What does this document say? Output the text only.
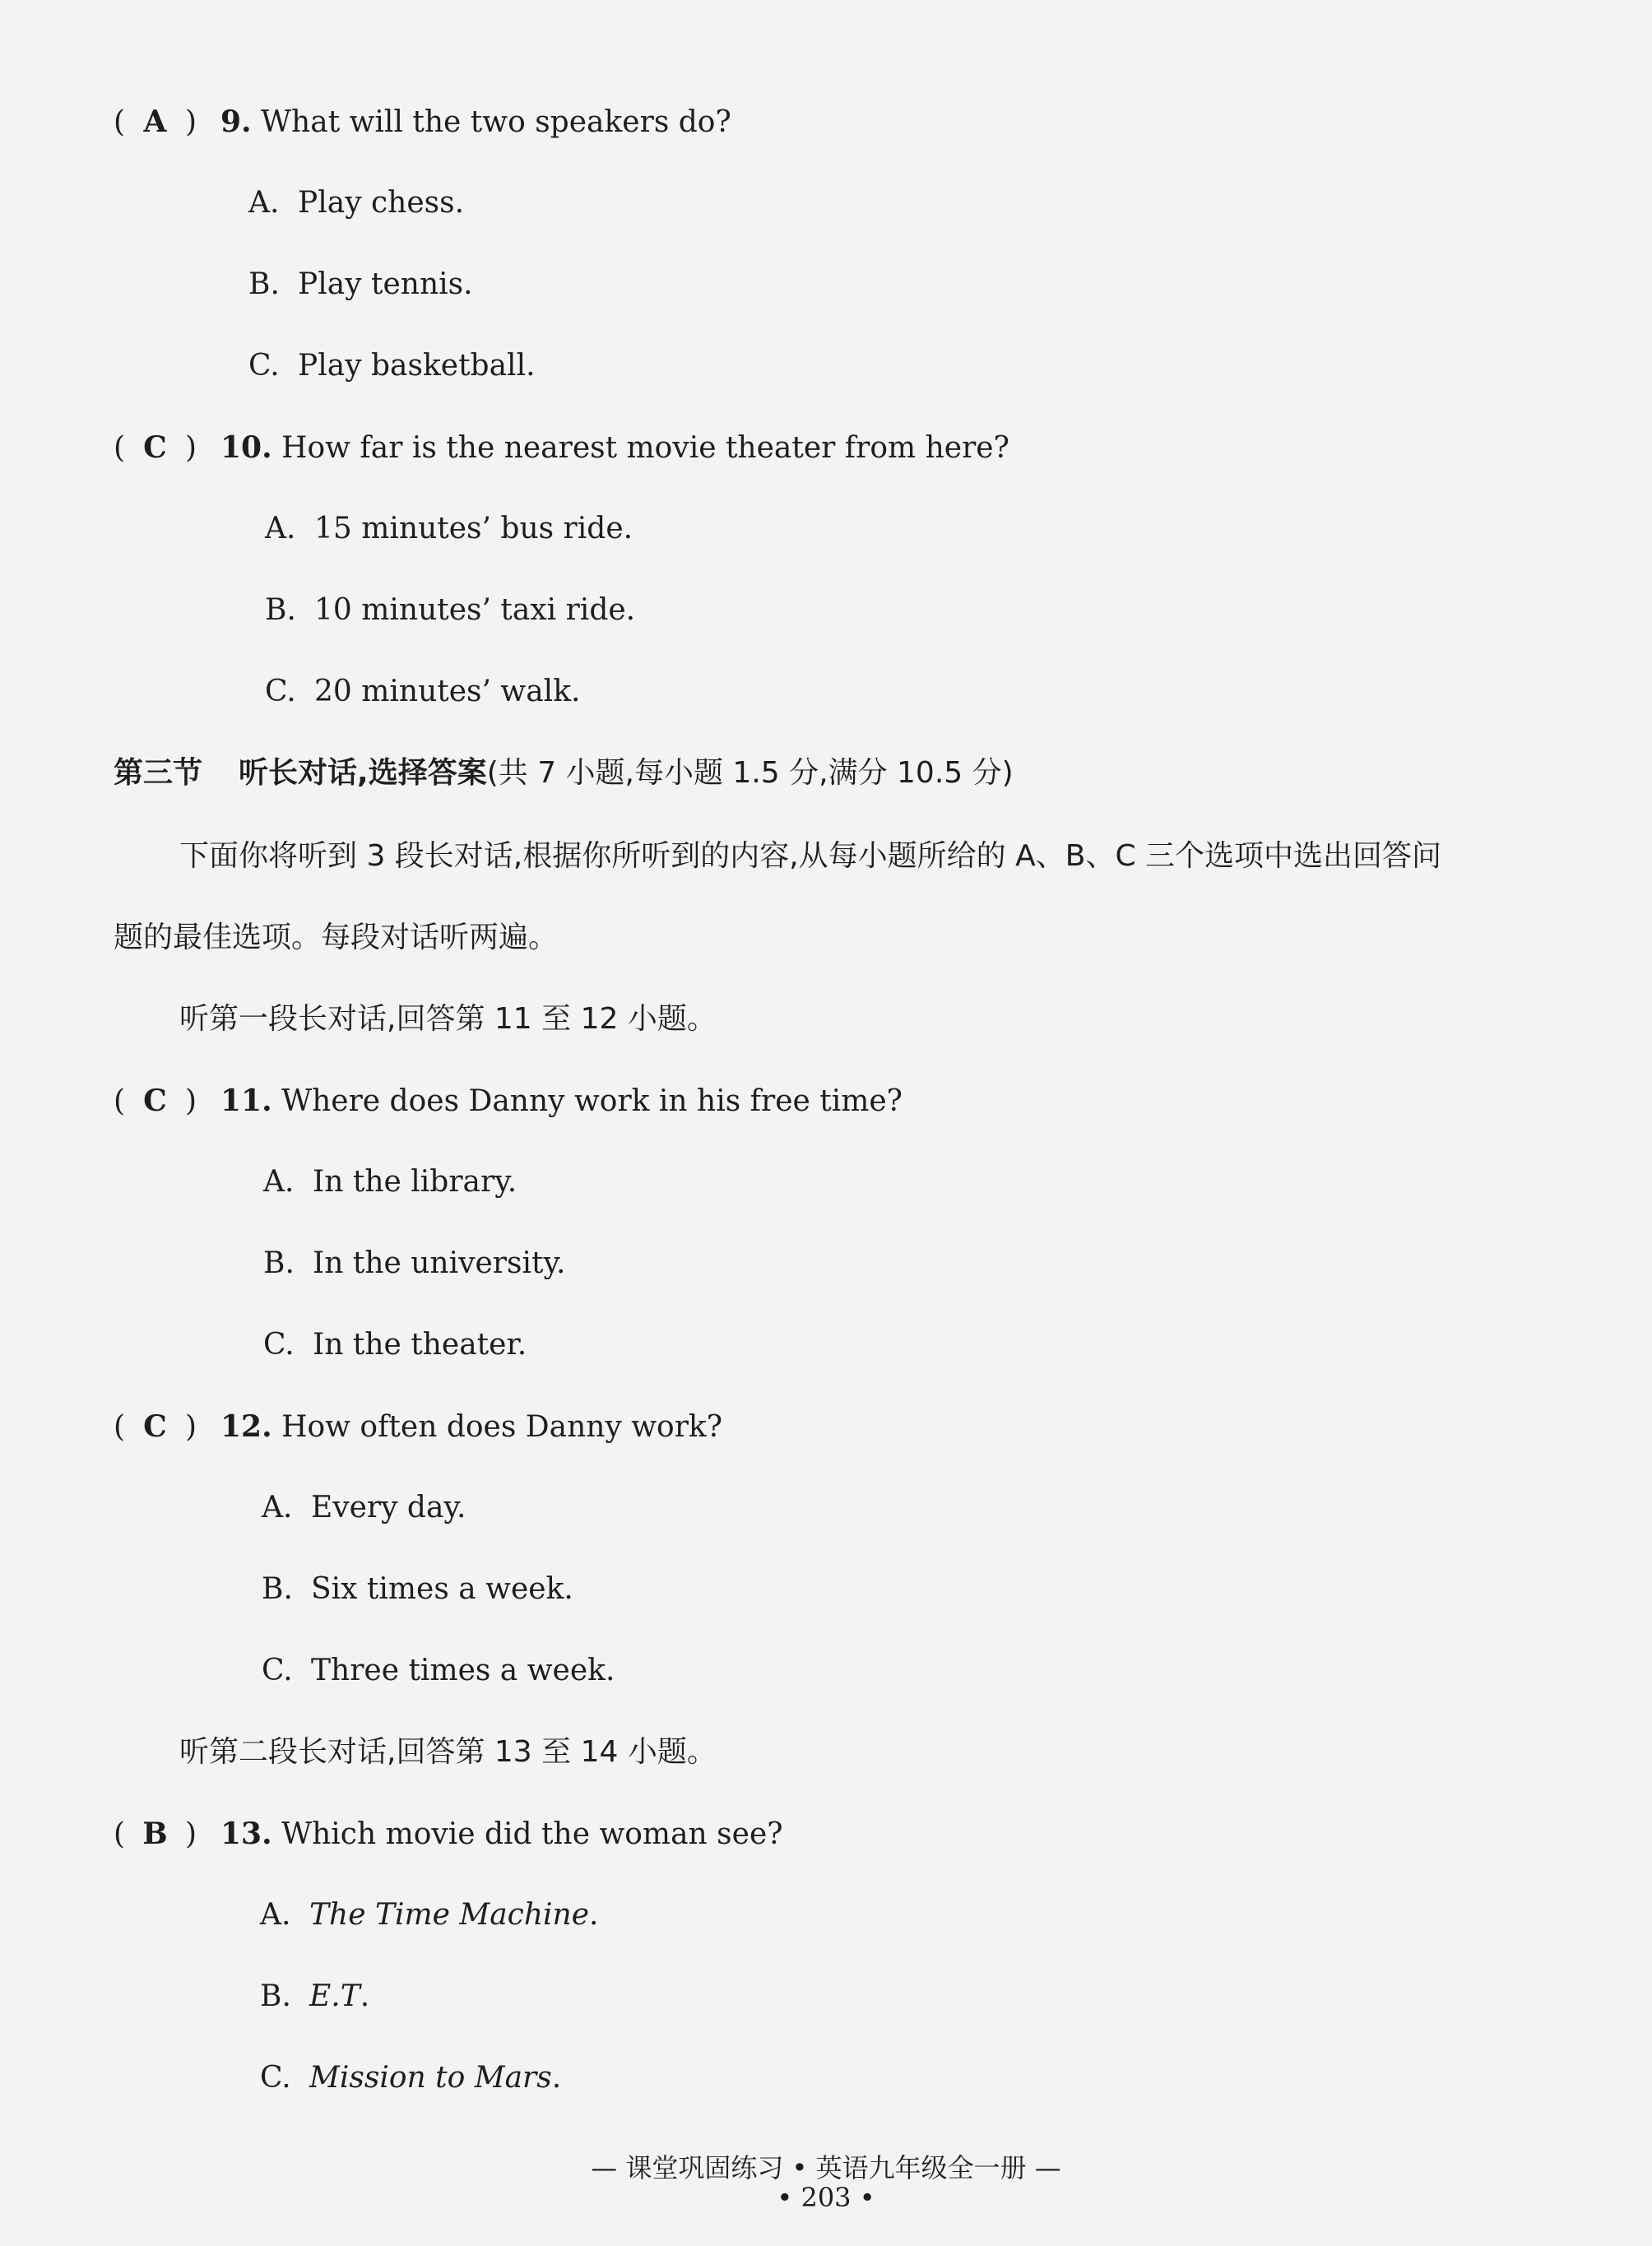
( A ) 9. What will the two speakers do?
A. Play chess.
B. Play tennis.
C. Play basketball.
( C ) 10. How far is the nearest movie theater from here?
A. 15 minutes’ bus ride.
B. 10 minutes’ taxi ride.
C. 20 minutes’ walk.
第三节 听长对话,选择答案(共 7 小题,每小题 1.5 分,满分 10.5 分)
下面你将听到 3 段长对话,根据你所听到的内容,从每小题所给的 A、B、C 三个选项中选出回答问
题的最佳选项。每段对话听两遍。
听第一段长对话,回答第 11 至 12 小题。
( C ) 11. Where does Danny work in his free time?
A. In the library.
B. In the university.
C. In the theater.
( C ) 12. How often does Danny work?
A. Every day.
B. Six times a week.
C. Three times a week.
听第二段长对话,回答第 13 至 14 小题。
( B ) 13. Which movie did the woman see?
A. The Time Machine.
B. E.T.
C. Mission to Mars.
— 课堂巩固练习 • 英语九年级全一册 —
• 203 •
